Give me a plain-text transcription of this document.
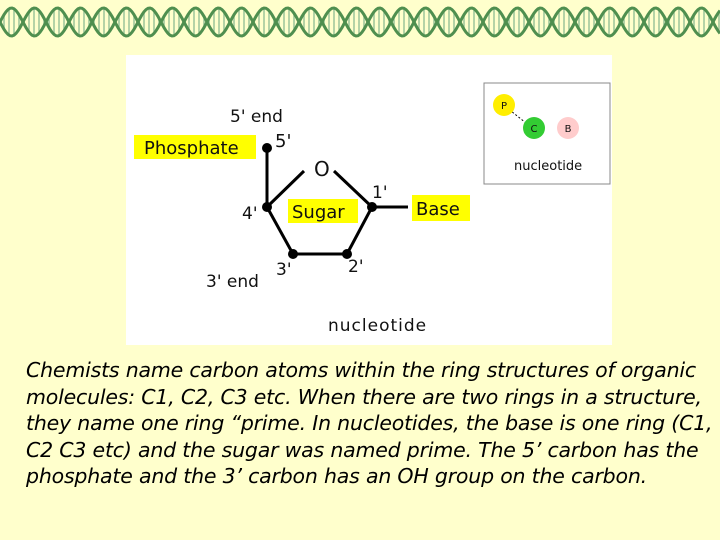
5' end
Phosphate 5'
O
1'
Base
4' Sugar
3' end
3'	2'
nucleotide
P
C	B
nucleotide
Chemists name carbon atoms within the ring structures of organic molecules: C1, C2, C3 etc. When there are two rings in a structure, they name one ring “prime. In nucleotides, the base is one ring (C1, C2 C3 etc) and the sugar was named prime. The 5’ carbon has the phosphate and the 3’ carbon has an OH group on the carbon.
